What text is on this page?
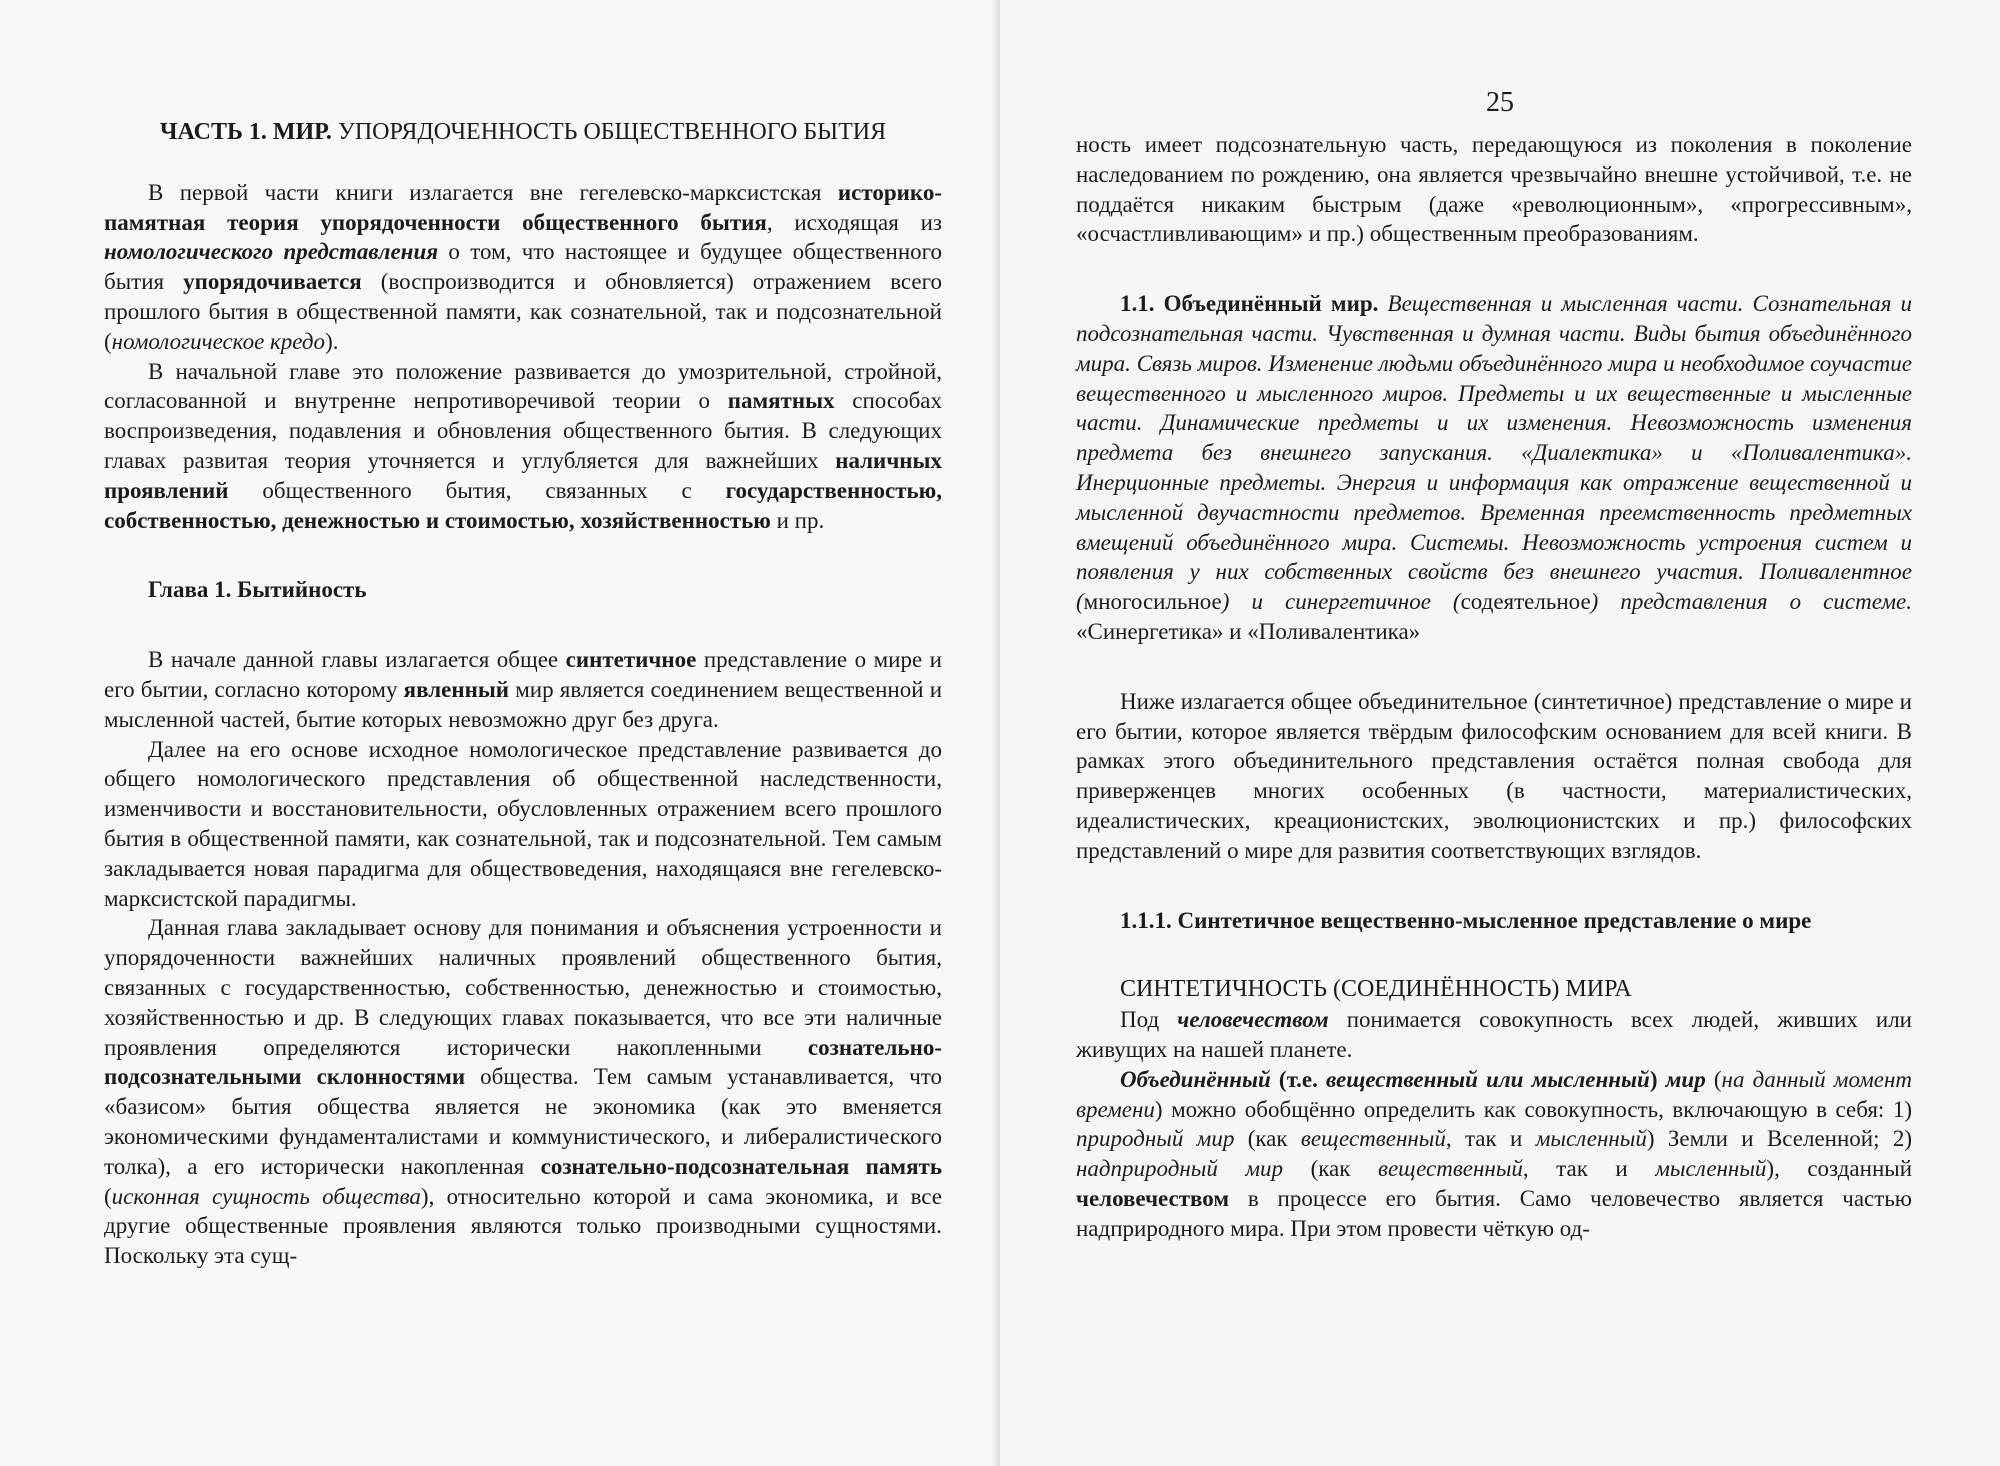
ЧАСТЬ 1. МИР. УПОРЯДОЧЕННОСТЬ ОБЩЕСТВЕННОГО БЫТИЯ

В первой части книги излагается вне гегелевско-марксистская историко-памятная теория упорядоченности общественного бытия, исходящая из номологического представления о том, что настоящее и будущее общественного бытия упорядочивается (воспроизводится и обновляется) отражением всего прошлого бытия в общественной памяти, как сознательной, так и подсознательной (номологическое кредо).

В начальной главе это положение развивается до умозрительной, стройной, согласованной и внутренне непротиворечивой теории о памятных способах воспроизведения, подавления и обновления общественного бытия. В следующих главах развитая теория уточняется и углубляется для важнейших наличных проявлений общественного бытия, связанных с государственностью, собственностью, денежностью и стоимостью, хозяйственностью и пр.

Глава 1. Бытийность

В начале данной главы излагается общее синтетичное представление о мире и его бытии, согласно которому явленный мир является соединением вещественной и мысленной частей, бытие которых невозможно друг без друга.

Далее на его основе исходное номологическое представление развивается до общего номологического представления об общественной наследственности, изменчивости и восстановительности, обусловленных отражением всего прошлого бытия в общественной памяти, как сознательной, так и подсознательной. Тем самым закладывается новая парадигма для обществоведения, находящаяся вне гегелевско-марксистской парадигмы.

Данная глава закладывает основу для понимания и объяснения устроенности и упорядоченности важнейших наличных проявлений общественного бытия, связанных с государственностью, собственностью, денежностью и стоимостью, хозяйственностью и др. В следующих главах показывается, что все эти наличные проявления определяются исторически накопленными сознательно-подсознательными склонностями общества. Тем самым устанавливается, что «базисом» бытия общества является не экономика (как это вменяется экономическими фундаменталистами и коммунистического, и либералистического толка), а его исторически накопленная сознательно-подсознательная память (исконная сущность общества), относительно которой и сама экономика, и все другие общественные проявления являются только производными сущностями. Поскольку эта сущ-

25

ность имеет подсознательную часть, передающуюся из поколения в поколение наследованием по рождению, она является чрезвычайно внешне устойчивой, т.е. не поддаётся никаким быстрым (даже «революционным», «прогрессивным», «осчастливливающим» и пр.) общественным преобразованиям.

1.1. Объединённый мир. Вещественная и мысленная части. Сознательная и подсознательная части. Чувственная и думная части. Виды бытия объединённого мира. Связь миров. Изменение людьми объединённого мира и необходимое соучастие вещественного и мысленного миров. Предметы и их вещественные и мысленные части. Динамические предметы и их изменения. Невозможность изменения предмета без внешнего запускания. «Диалектика» и «Поливалентика». Инерционные предметы. Энергия и информация как отражение вещественной и мысленной двучастности предметов. Временная преемственность предметных вмещений объединённого мира. Системы. Невозможность устроения систем и появления у них собственных свойств без внешнего участия. Поливалентное (многосильное) и синергетичное (содеятельное) представления о системе. «Синергетика» и «Поливалентика»

Ниже излагается общее объединительное (синтетичное) представление о мире и его бытии, которое является твёрдым философским основанием для всей книги. В рамках этого объединительного представления остаётся полная свобода для приверженцев многих особенных (в частности, материалистических, идеалистических, креационистских, эволюционистских и пр.) философских представлений о мире для развития соответствующих взглядов.

1.1.1. Синтетичное вещественно-мысленное представление о мире

СИНТЕТИЧНОСТЬ (СОЕДИНЁННОСТЬ) МИРА

Под человечеством понимается совокупность всех людей, живших или живущих на нашей планете.

Объединённый (т.е. вещественный или мысленный) мир (на данный момент времени) можно обобщённо определить как совокупность, включающую в себя: 1) природный мир (как вещественный, так и мысленный) Земли и Вселенной; 2) надприродный мир (как вещественный, так и мысленный), созданный человечеством в процессе его бытия. Само человечество является частью надприродного мира. При этом провести чёткую од-
